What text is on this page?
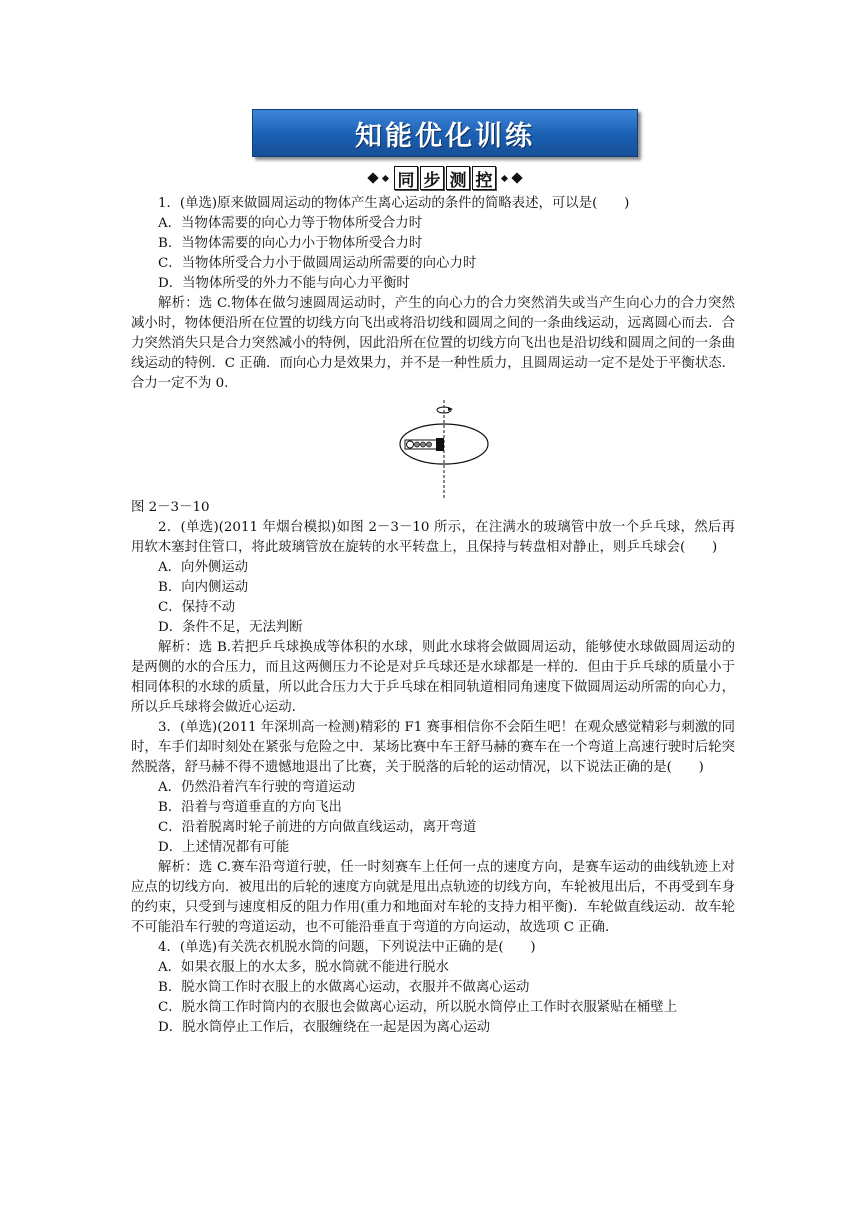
知能优化训练
同 步 测 控

1．(单选)原来做圆周运动的物体产生离心运动的条件的简略表述，可以是(　　)

A．当物体需要的向心力等于物体所受合力时

B．当物体需要的向心力小于物体所受合力时

C．当物体所受合力小于做圆周运动所需要的向心力时

D．当物体所受的外力不能与向心力平衡时

解析：选 C.物体在做匀速圆周运动时，产生的向心力的合力突然消失或当产生向心力的合力突然减小时，物体便沿所在位置的切线方向飞出或将沿切线和圆周之间的一条曲线运动，远离圆心而去．合力突然消失只是合力突然减小的特例，因此沿所在位置的切线方向飞出也是沿切线和圆周之间的一条曲线运动的特例．C 正确．而向心力是效果力，并不是一种性质力，且圆周运动一定不是处于平衡状态．合力一定不为 0.

图 2－3－10

2．(单选)(2011 年烟台模拟)如图 2－3－10 所示，在注满水的玻璃管中放一个乒乓球，然后再用软木塞封住管口，将此玻璃管放在旋转的水平转盘上，且保持与转盘相对静止，则乒乓球会(　　)

A．向外侧运动

B．向内侧运动

C．保持不动

D．条件不足，无法判断

解析：选 B.若把乒乓球换成等体积的水球，则此水球将会做圆周运动，能够使水球做圆周运动的是两侧的水的合压力，而且这两侧压力不论是对乒乓球还是水球都是一样的．但由于乒乓球的质量小于相同体积的水球的质量，所以此合压力大于乒乓球在相同轨道相同角速度下做圆周运动所需的向心力，所以乒乓球将会做近心运动．

3．(单选)(2011 年深圳高一检测)精彩的 F1 赛事相信你不会陌生吧！在观众感觉精彩与刺激的同时，车手们却时刻处在紧张与危险之中．某场比赛中车王舒马赫的赛车在一个弯道上高速行驶时后轮突然脱落，舒马赫不得不遗憾地退出了比赛，关于脱落的后轮的运动情况，以下说法正确的是(　　)

A．仍然沿着汽车行驶的弯道运动

B．沿着与弯道垂直的方向飞出

C．沿着脱离时轮子前进的方向做直线运动，离开弯道

D．上述情况都有可能

解析：选 C.赛车沿弯道行驶，任一时刻赛车上任何一点的速度方向，是赛车运动的曲线轨迹上对应点的切线方向．被甩出的后轮的速度方向就是甩出点轨迹的切线方向，车轮被甩出后，不再受到车身的约束，只受到与速度相反的阻力作用(重力和地面对车轮的支持力相平衡)．车轮做直线运动．故车轮不可能沿车行驶的弯道运动，也不可能沿垂直于弯道的方向运动，故选项 C 正确．

4．(单选)有关洗衣机脱水筒的问题，下列说法中正确的是(　　)

A．如果衣服上的水太多，脱水筒就不能进行脱水

B．脱水筒工作时衣服上的水做离心运动，衣服并不做离心运动

C．脱水筒工作时筒内的衣服也会做离心运动，所以脱水筒停止工作时衣服紧贴在桶壁上

D．脱水筒停止工作后，衣服缠绕在一起是因为离心运动
